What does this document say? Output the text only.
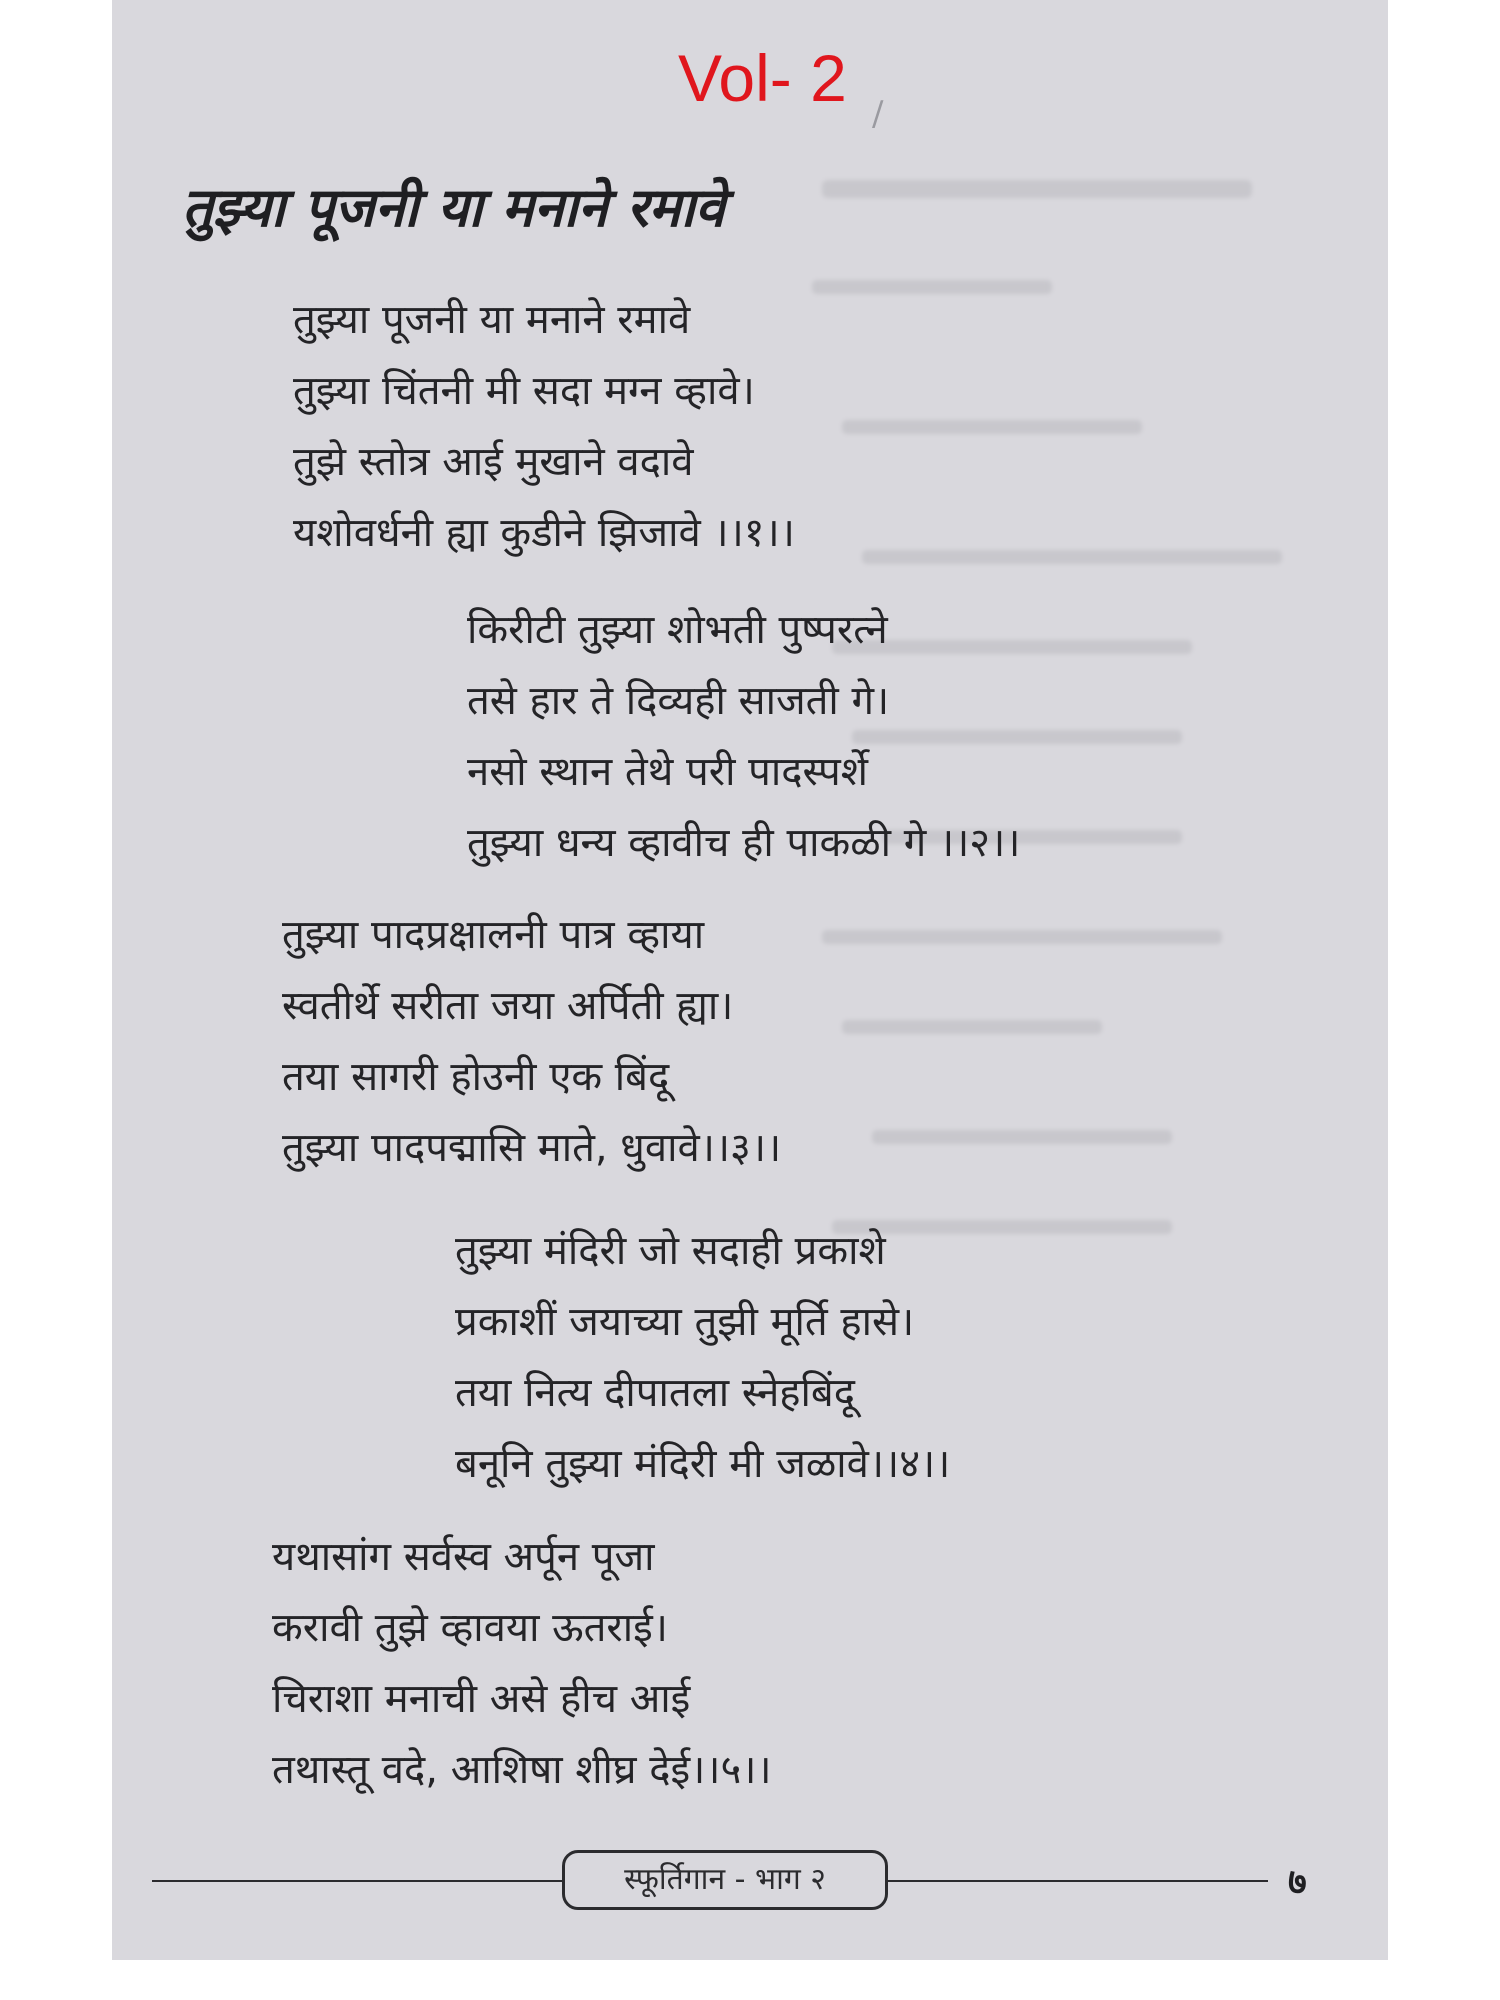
Vol- 2 /
तुझ्या पूजनी या मनाने रमावे
तुझ्या पूजनी या मनाने रमावे
तुझ्या चिंतनी मी सदा मग्न व्हावे।
तुझे स्तोत्र आई मुखाने वदावे
यशोवर्धनी ह्या कुडीने झिजावे ।।१।।
किरीटी तुझ्या शोभती पुष्परत्ने
तसे हार ते दिव्यही साजती गे।
नसो स्थान तेथे परी पादस्पर्शे
तुझ्या धन्य व्हावीच ही पाकळी गे ।।२।।
तुझ्या पादप्रक्षालनी पात्र व्हाया
स्वतीर्थे सरीता जया अर्पिती ह्या।
तया सागरी होउनी एक बिंदू
तुझ्या पादपद्मासि माते, धुवावे।।३।।
तुझ्या मंदिरी जो सदाही प्रकाशे
प्रकाशीं जयाच्या तुझी मूर्ति हासे।
तया नित्य दीपातला स्नेहबिंदू
बनूनि तुझ्या मंदिरी मी जळावे।।४।।
यथासांग सर्वस्व अर्पून पूजा
करावी तुझे व्हावया ऊतराई।
चिराशा मनाची असे हीच आई
तथास्तू वदे, आशिषा शीघ्र देई।।५।।
स्फूर्तिगान - भाग २	७
